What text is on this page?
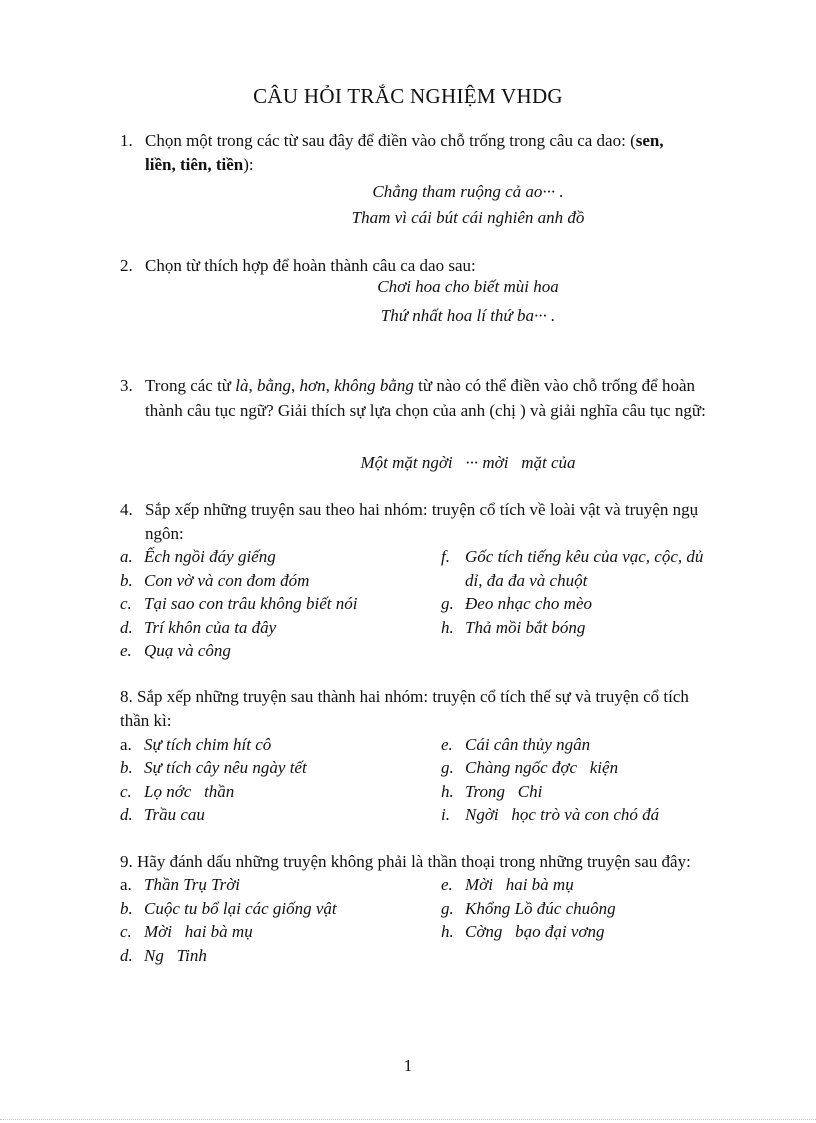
CÂU HỎI TRẮC NGHIỆM VHDG
1. Chọn một trong các từ sau đây để điền vào chỗ trống trong câu ca dao: (sen,
liền, tiên, tiền):
Chẳng tham ruộng cả ao··· .
Tham vì cái bút cái nghiên anh đồ
2. Chọn từ thích hợp để hoàn thành câu ca dao sau:
Chơi hoa cho biết mùi hoa
Thứ nhất hoa lí thứ ba··· .
3. Trong các từ là, bằng, hơn, không bằng từ nào có thể điền vào chỗ trống để hoàn thành câu tục ngữ? Giải thích sự lựa chọn của anh (chị ) và giải nghĩa câu tục ngữ:
Một mặt ngời   ··· mời   mặt của
4. Sắp xếp những truyện sau theo hai nhóm: truyện cổ tích về loài vật và truyện ngụ ngôn:
a. Ếch ngồi đáy giếng
b. Con vờ và con đom đóm
c. Tại sao con trâu không biết nói
d. Trí khôn của ta đây
e. Quạ và công
f. Gốc tích tiếng kêu của vạc, cộc, dủ
dỉ, đa đa và chuột
g. Đeo nhạc cho mèo
h. Thả mồi bắt bóng
8. Sắp xếp những truyện sau thành hai nhóm: truyện cổ tích thế sự và truyện cổ tích thần kì:
a. Sự tích chim hít cô
b. Sự tích cây nêu ngày tết
c. Lọ nớc   thần
d. Trầu cau
e. Cái cân thủy ngân
g. Chàng ngốc đợc   kiện
h. Trong   Chi
i. Ngời   học trò và con chó đá
9. Hãy đánh dấu những truyện không phải là thần thoại trong những truyện sau đây:
a. Thần Trụ Trời
b. Cuộc tu bổ lại các giống vật
c. Mời   hai bà mụ
d. Ng   Tinh
e. Mời   hai bà mụ
g. Khổng Lồ đúc chuông
h. Cờng   bạo đại vơng
1
